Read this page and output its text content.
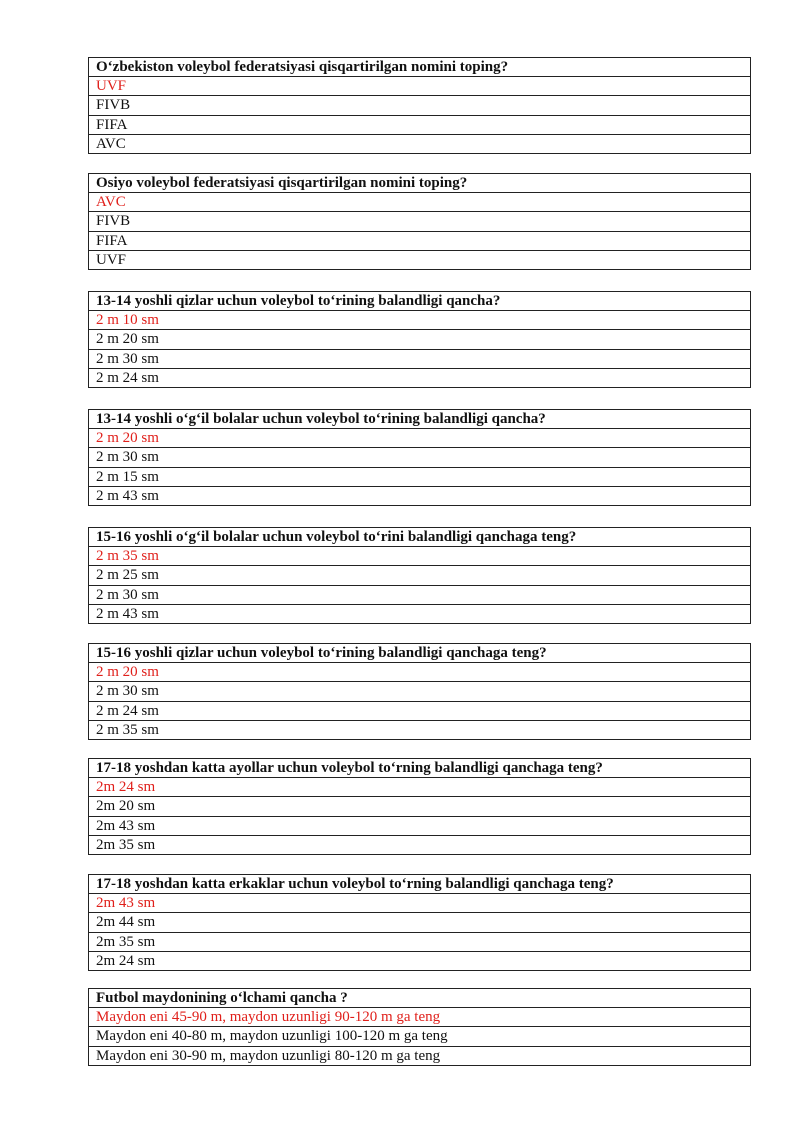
O‘zbekiston voleybol federatsiyasi qisqartirilgan nomini toping?
UVF
FIVB
FIFA
AVC
Osiyo voleybol federatsiyasi qisqartirilgan nomini toping?
AVC
FIVB
FIFA
UVF
13-14 yoshli qizlar uchun voleybol to‘rining balandligi qancha?
2 m 10 sm
2 m 20 sm
2 m 30 sm
2 m 24 sm
13-14 yoshli o‘g‘il bolalar uchun voleybol to‘rining balandligi qancha?
2 m 20 sm
2 m 30 sm
2 m 15 sm
2 m 43 sm
15-16 yoshli o‘g‘il bolalar uchun voleybol to‘rini balandligi qanchaga teng?
2 m 35 sm
2 m 25 sm
2 m 30 sm
2 m 43 sm
15-16 yoshli qizlar uchun voleybol to‘rining balandligi qanchaga teng?
2 m 20 sm
2 m 30 sm
2 m 24 sm
2 m 35 sm
17-18 yoshdan katta ayollar uchun voleybol to‘rning balandligi qanchaga teng?
2m 24 sm
2m 20 sm
2m 43 sm
2m 35 sm
17-18 yoshdan katta erkaklar uchun voleybol to‘rning balandligi qanchaga teng?
2m 43 sm
2m 44 sm
2m 35 sm
2m 24 sm
Futbol maydonining o‘lchami qancha ?
Maydon eni 45-90 m, maydon uzunligi 90-120 m ga teng
Maydon eni 40-80 m, maydon uzunligi 100-120 m ga teng
Maydon eni 30-90 m, maydon uzunligi 80-120 m ga teng
